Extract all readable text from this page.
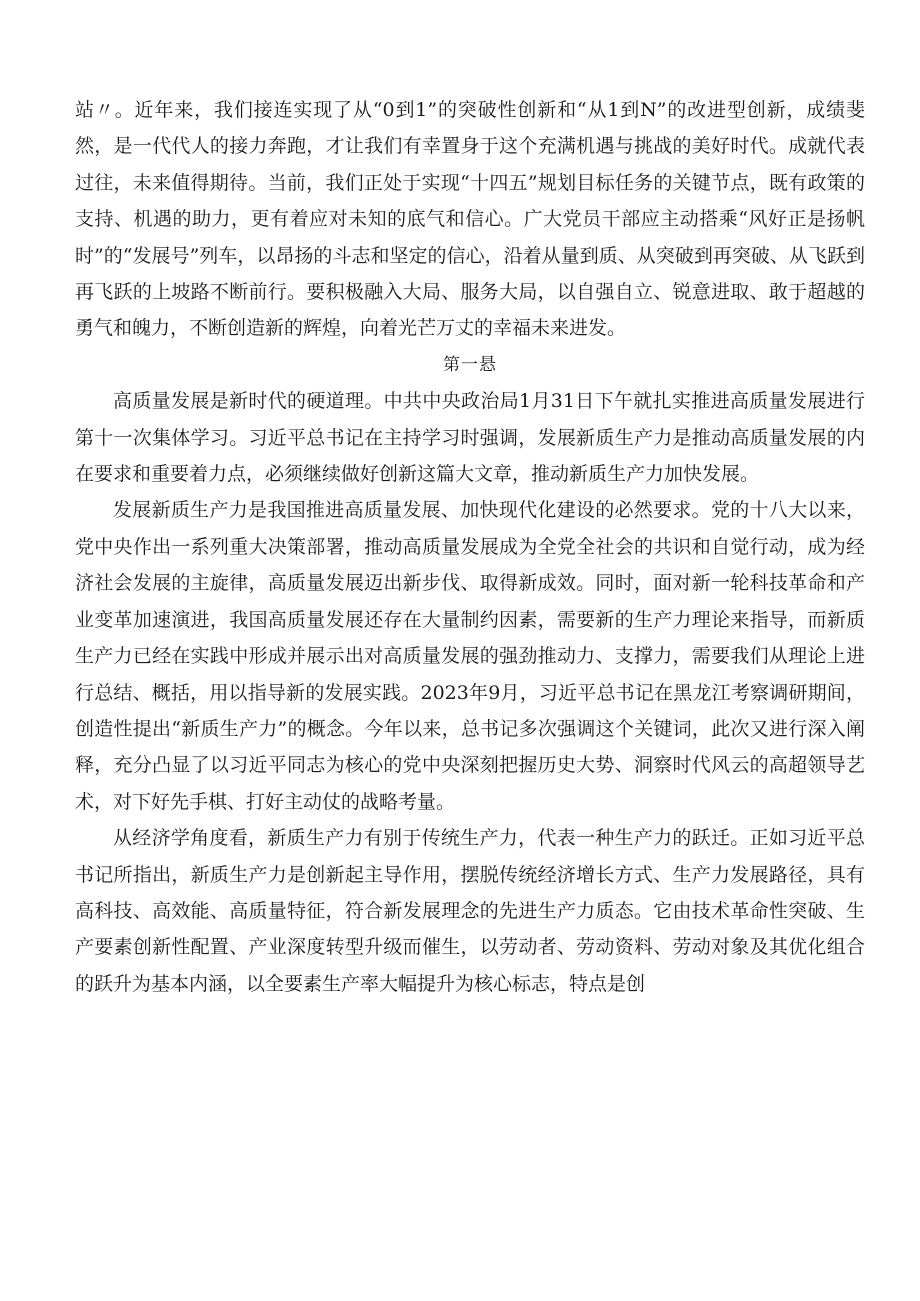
站〃。近年来，我们接连实现了从“0到1”的突破性创新和“从1到N”的改进型创新，成绩斐然，是一代代人的接力奔跑，才让我们有幸置身于这个充满机遇与挑战的美好时代。成就代表过往，未来值得期待。当前，我们正处于实现“十四五”规划目标任务的关键节点，既有政策的支持、机遇的助力，更有着应对未知的底气和信心。广大党员干部应主动搭乘“风好正是扬帆时”的“发展号”列车，以昂扬的斗志和坚定的信心，沿着从量到质、从突破到再突破、从飞跃到再飞跃的上坡路不断前行。要积极融入大局、服务大局，以自强自立、锐意进取、敢于超越的勇气和魄力，不断创造新的辉煌，向着光芒万丈的幸福未来进发。

第一悬

高质量发展是新时代的硬道理。中共中央政治局1月31日下午就扎实推进高质量发展进行第十一次集体学习。习近平总书记在主持学习时强调，发展新质生产力是推动高质量发展的内在要求和重要着力点，必须继续做好创新这篇大文章，推动新质生产力加快发展。

发展新质生产力是我国推进高质量发展、加快现代化建设的必然要求。党的十八大以来，党中央作出一系列重大决策部署，推动高质量发展成为全党全社会的共识和自觉行动，成为经济社会发展的主旋律，高质量发展迈出新步伐、取得新成效。同时，面对新一轮科技革命和产业变革加速演进，我国高质量发展还存在大量制约因素，需要新的生产力理论来指导，而新质生产力已经在实践中形成并展示出对高质量发展的强劲推动力、支撑力，需要我们从理论上进行总结、概括，用以指导新的发展实践。2023年9月，习近平总书记在黑龙江考察调研期间，创造性提出“新质生产力”的概念。今年以来，总书记多次强调这个关键词，此次又进行深入阐释，充分凸显了以习近平同志为核心的党中央深刻把握历史大势、洞察时代风云的高超领导艺术，对下好先手棋、打好主动仗的战略考量。

从经济学角度看，新质生产力有别于传统生产力，代表一种生产力的跃迁。正如习近平总书记所指出，新质生产力是创新起主导作用，摆脱传统经济增长方式、生产力发展路径，具有高科技、高效能、高质量特征，符合新发展理念的先进生产力质态。它由技术革命性突破、生产要素创新性配置、产业深度转型升级而催生，以劳动者、劳动资料、劳动对象及其优化组合的跃升为基本内涵，以全要素生产率大幅提升为核心标志，特点是创
